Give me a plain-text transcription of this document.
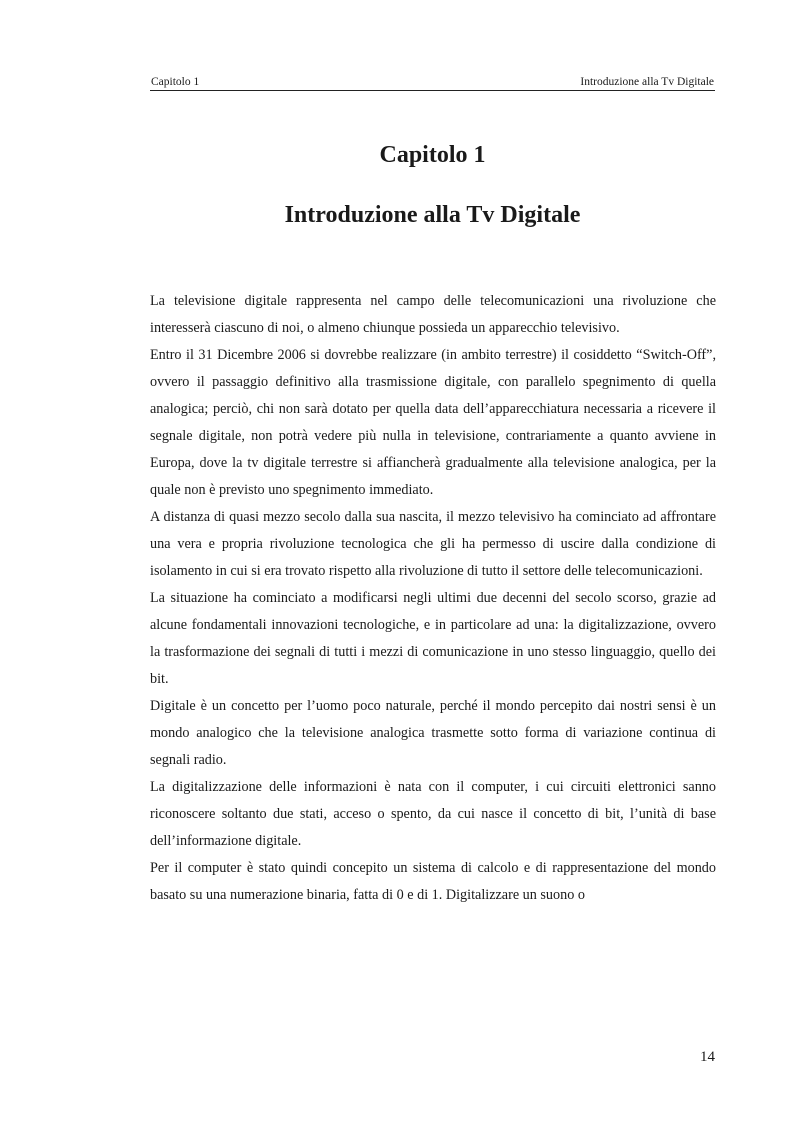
Capitolo 1	Introduzione alla Tv Digitale
Capitolo 1
Introduzione alla Tv Digitale

La televisione digitale rappresenta nel campo delle telecomunicazioni una rivoluzione che interesserà ciascuno di noi, o almeno chiunque possieda un apparecchio televisivo.

Entro il 31 Dicembre 2006 si dovrebbe realizzare (in ambito terrestre) il cosiddetto “Switch-Off”, ovvero il passaggio definitivo alla trasmissione digitale, con parallelo spegnimento di quella analogica; perciò, chi non sarà dotato per quella data dell’apparecchiatura necessaria a ricevere il segnale digitale, non potrà vedere più nulla in televisione, contrariamente a quanto avviene in Europa, dove la tv digitale terrestre si affiancherà gradualmente alla televisione analogica, per la quale non è previsto uno spegnimento immediato.

A distanza di quasi mezzo secolo dalla sua nascita, il mezzo televisivo ha cominciato ad affrontare una vera e propria rivoluzione tecnologica che gli ha permesso di uscire dalla condizione di isolamento in cui si era trovato rispetto alla rivoluzione di tutto il settore delle telecomunicazioni.

La situazione ha cominciato a modificarsi negli ultimi due decenni del secolo scorso, grazie ad alcune fondamentali innovazioni tecnologiche, e in particolare ad una: la digitalizzazione, ovvero la trasformazione dei segnali di tutti i mezzi di comunicazione in uno stesso linguaggio, quello dei bit.

Digitale è un concetto per l’uomo poco naturale, perché il mondo percepito dai nostri sensi è un mondo analogico che la televisione analogica trasmette sotto forma di variazione continua di segnali radio.

La digitalizzazione delle informazioni è nata con il computer, i cui circuiti elettronici sanno riconoscere soltanto due stati, acceso o spento, da cui nasce il concetto di bit, l’unità di base dell’informazione digitale.

Per il computer è stato quindi concepito un sistema di calcolo e di rappresentazione del mondo basato su una numerazione binaria, fatta di 0 e di 1. Digitalizzare un suono o

14
